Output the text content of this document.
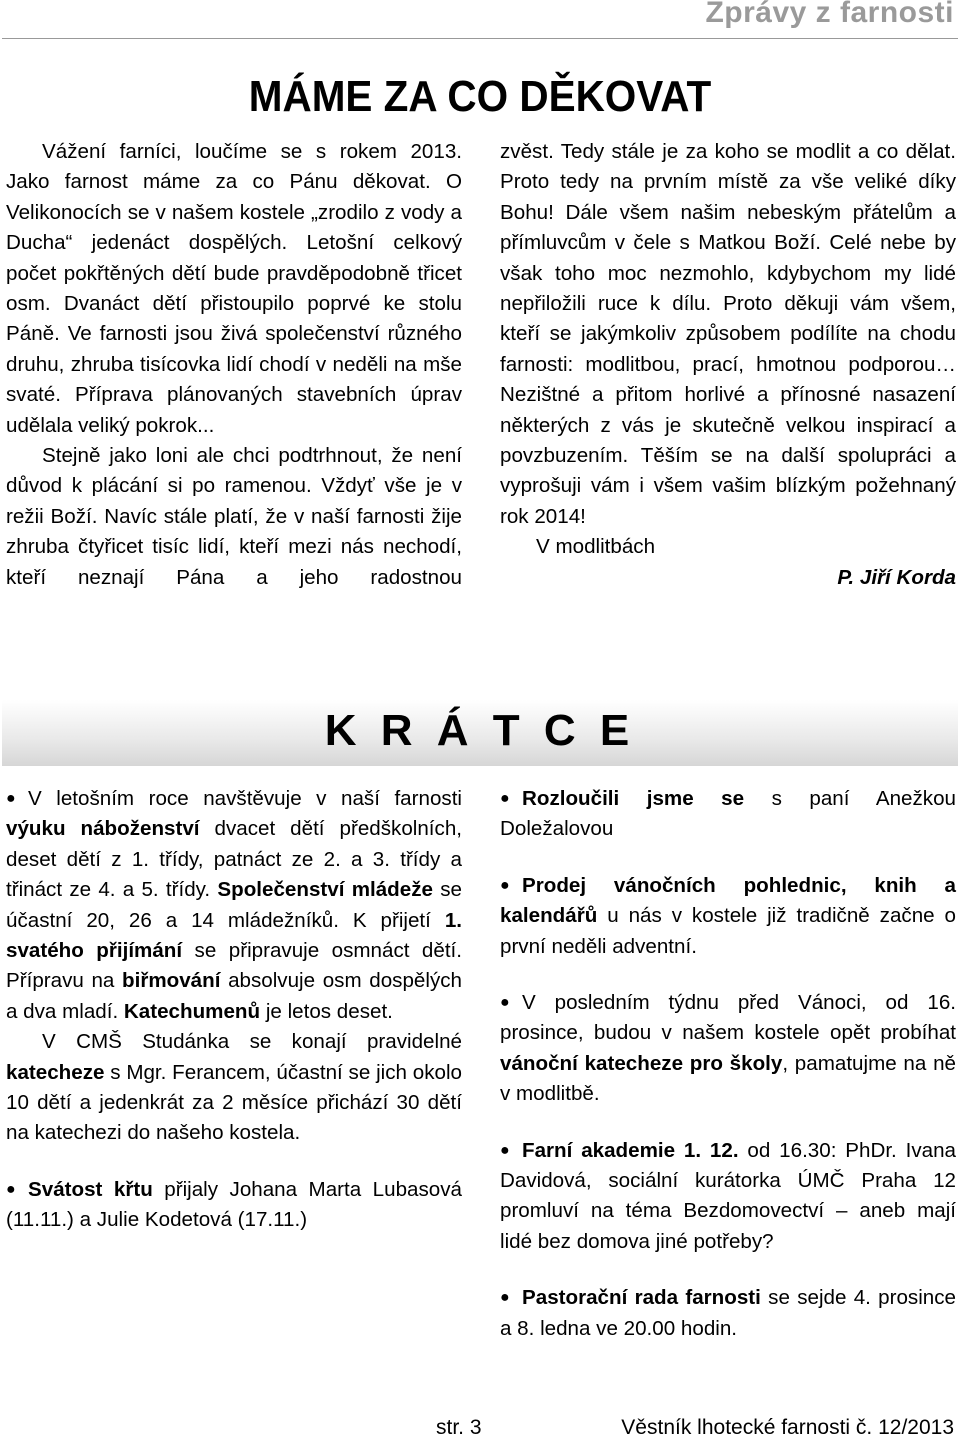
Zprávy z farnosti
MÁME ZA CO DĚKOVAT

Vážení farníci, loučíme se s rokem 2013. Jako farnost máme za co Pánu děkovat. O Velikonocích se v našem kostele „zrodilo z vody a Ducha“ jedenáct dospělých. Letošní celkový počet pokřtěných dětí bude pravděpodobně třicet osm. Dvanáct dětí přistoupilo poprvé ke stolu Páně. Ve farnosti jsou živá společenství různého druhu, zhruba tisícovka lidí chodí v neděli na mše svaté. Příprava plánovaných stavebních úprav udělala veliký pokrok...

Stejně jako loni ale chci podtrhnout, že není důvod k plácání si po ramenou. Vždyť vše je v režii Boží. Navíc stále platí, že v naší farnosti žije zhruba čtyřicet tisíc lidí, kteří mezi nás nechodí, kteří neznají Pána a jeho radostnou

zvěst. Tedy stále je za koho se modlit a co dělat. Proto tedy na prvním místě za vše veliké díky Bohu! Dále všem našim nebeským přátelům a přímluvcům v čele s Matkou Boží. Celé nebe by však toho moc nezmohlo, kdybychom my lidé nepřiložili ruce k dílu. Proto děkuji vám všem, kteří se jakýmkoliv způsobem podílíte na chodu farnosti: modlitbou, prací, hmotnou podporou… Nezištné a přitom horlivé a přínosné nasazení některých z vás je skutečně velkou inspirací a povzbuzením. Těším se na další spolupráci a vyprošuji vám i všem vašim blízkým požehnaný rok 2014!

V modlitbách

P. Jiří Korda

K R Á T C E

● V letošním roce navštěvuje v naší farnosti výuku náboženství dvacet dětí předškolních, deset dětí z 1. třídy, patnáct ze 2. a 3. třídy a třináct ze 4. a 5. třídy. Společenství mládeže se účastní 20, 26 a 14 mládežníků. K přijetí 1. svatého přijímání se připravuje osmnáct dětí. Přípravu na biřmování absolvuje osm dospělých a dva mladí. Katechumenů je letos deset.

V CMŠ Studánka se konají pravidelné katecheze s Mgr. Ferancem, účastní se jich okolo 10 dětí a jedenkrát za 2 měsíce přichází 30 dětí na katechezi do našeho kostela.

● Svátost křtu přijaly Johana Marta Lubasová (11.11.) a Julie Kodetová (17.11.)

● Rozloučili jsme se s paní Anežkou Doležalovou

● Prodej vánočních pohlednic, knih a kalendářů u nás v kostele již tradičně začne o první neděli adventní.

● V posledním týdnu před Vánoci, od 16. prosince, budou v našem kostele opět probíhat vánoční katecheze pro školy, pamatujme na ně v modlitbě.

● Farní akademie 1. 12. od 16.30: PhDr. Ivana Davidová, sociální kurátorka ÚMČ Praha 12 promluví na téma Bezdomovectví – aneb mají lidé bez domova jiné potřeby?

● Pastorační rada farnosti se sejde 4. prosince a 8. ledna ve 20.00 hodin.

str. 3	Věstník lhotecké farnosti č. 12/2013
